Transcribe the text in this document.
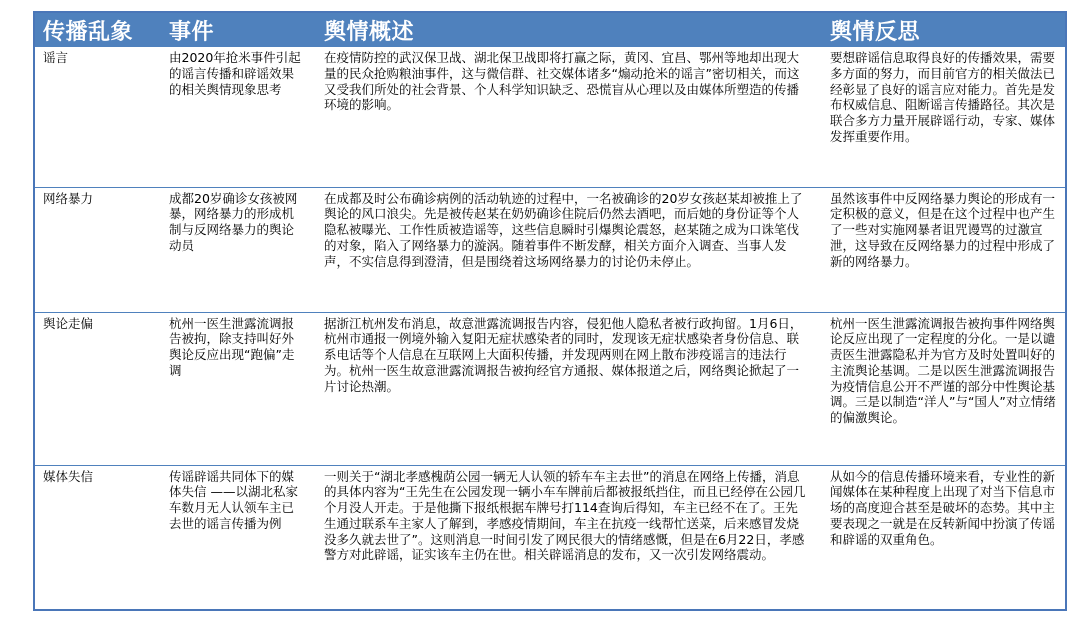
传播乱象	事件	舆情概述	舆情反思
谣言	由2020年抢米事件引起的谣言传播和辟谣效果的相关舆情现象思考	在疫情防控的武汉保卫战、湖北保卫战即将打赢之际，黄冈、宜昌、鄂州等地却出现大量的民众抢购粮油事件，这与微信群、社交媒体诸多“煽动抢米的谣言”密切相关，而这又受我们所处的社会背景、个人科学知识缺乏、恐慌盲从心理以及由媒体所塑造的传播环境的影响。	要想辟谣信息取得良好的传播效果，需要多方面的努力，而目前官方的相关做法已经彰显了良好的谣言应对能力。首先是发布权威信息、阻断谣言传播路径。其次是联合多方力量开展辟谣行动，专家、媒体发挥重要作用。
网络暴力	成都20岁确诊女孩被网暴，网络暴力的形成机制与反网络暴力的舆论动员	在成都及时公布确诊病例的活动轨迹的过程中，一名被确诊的20岁女孩赵某却被推上了舆论的风口浪尖。先是被传赵某在奶奶确诊住院后仍然去酒吧，而后她的身份证等个人隐私被曝光、工作性质被造谣等，这些信息瞬时引爆舆论震怒，赵某随之成为口诛笔伐的对象，陷入了网络暴力的漩涡。随着事件不断发酵，相关方面介入调查、当事人发声，不实信息得到澄清，但是围绕着这场网络暴力的讨论仍未停止。	虽然该事件中反网络暴力舆论的形成有一定积极的意义，但是在这个过程中也产生了一些对实施网暴者诅咒谩骂的过激宣泄，这导致在反网络暴力的过程中形成了新的网络暴力。
舆论走偏	杭州一医生泄露流调报告被拘，除支持叫好外舆论反应出现“跑偏”走调	据浙江杭州发布消息，故意泄露流调报告内容，侵犯他人隐私者被行政拘留。1月6日，杭州市通报一例境外输入复阳无症状感染者的同时，发现该无症状感染者身份信息、联系电话等个人信息在互联网上大面积传播，并发现两则在网上散布涉疫谣言的违法行为。杭州一医生故意泄露流调报告被拘经官方通报、媒体报道之后，网络舆论掀起了一片讨论热潮。	杭州一医生泄露流调报告被拘事件网络舆论反应出现了一定程度的分化。一是以谴责医生泄露隐私并为官方及时处置叫好的主流舆论基调。二是以医生泄露流调报告为疫情信息公开不严谨的部分中性舆论基调。三是以制造“洋人”与“国人”对立情绪的偏激舆论。
媒体失信	传谣辟谣共同体下的媒体失信 ——以湖北私家车数月无人认领车主已去世的谣言传播为例	一则关于“湖北孝感槐荫公园一辆无人认领的轿车车主去世”的消息在网络上传播，消息的具体内容为“王先生在公园发现一辆小车车牌前后都被报纸挡住，而且已经停在公园几个月没人开走。于是他撕下报纸根据车牌号打114查询后得知，车主已经不在了。王先生通过联系车主家人了解到，孝感疫情期间，车主在抗疫一线帮忙送菜，后来感冒发烧没多久就去世了”。这则消息一时间引发了网民很大的情绪感慨，但是在6月22日，孝感警方对此辟谣，证实该车主仍在世。相关辟谣消息的发布，又一次引发网络震动。	从如今的信息传播环境来看，专业性的新闻媒体在某种程度上出现了对当下信息市场的高度迎合甚至是破坏的态势。其中主要表现之一就是在反转新闻中扮演了传谣和辟谣的双重角色。
